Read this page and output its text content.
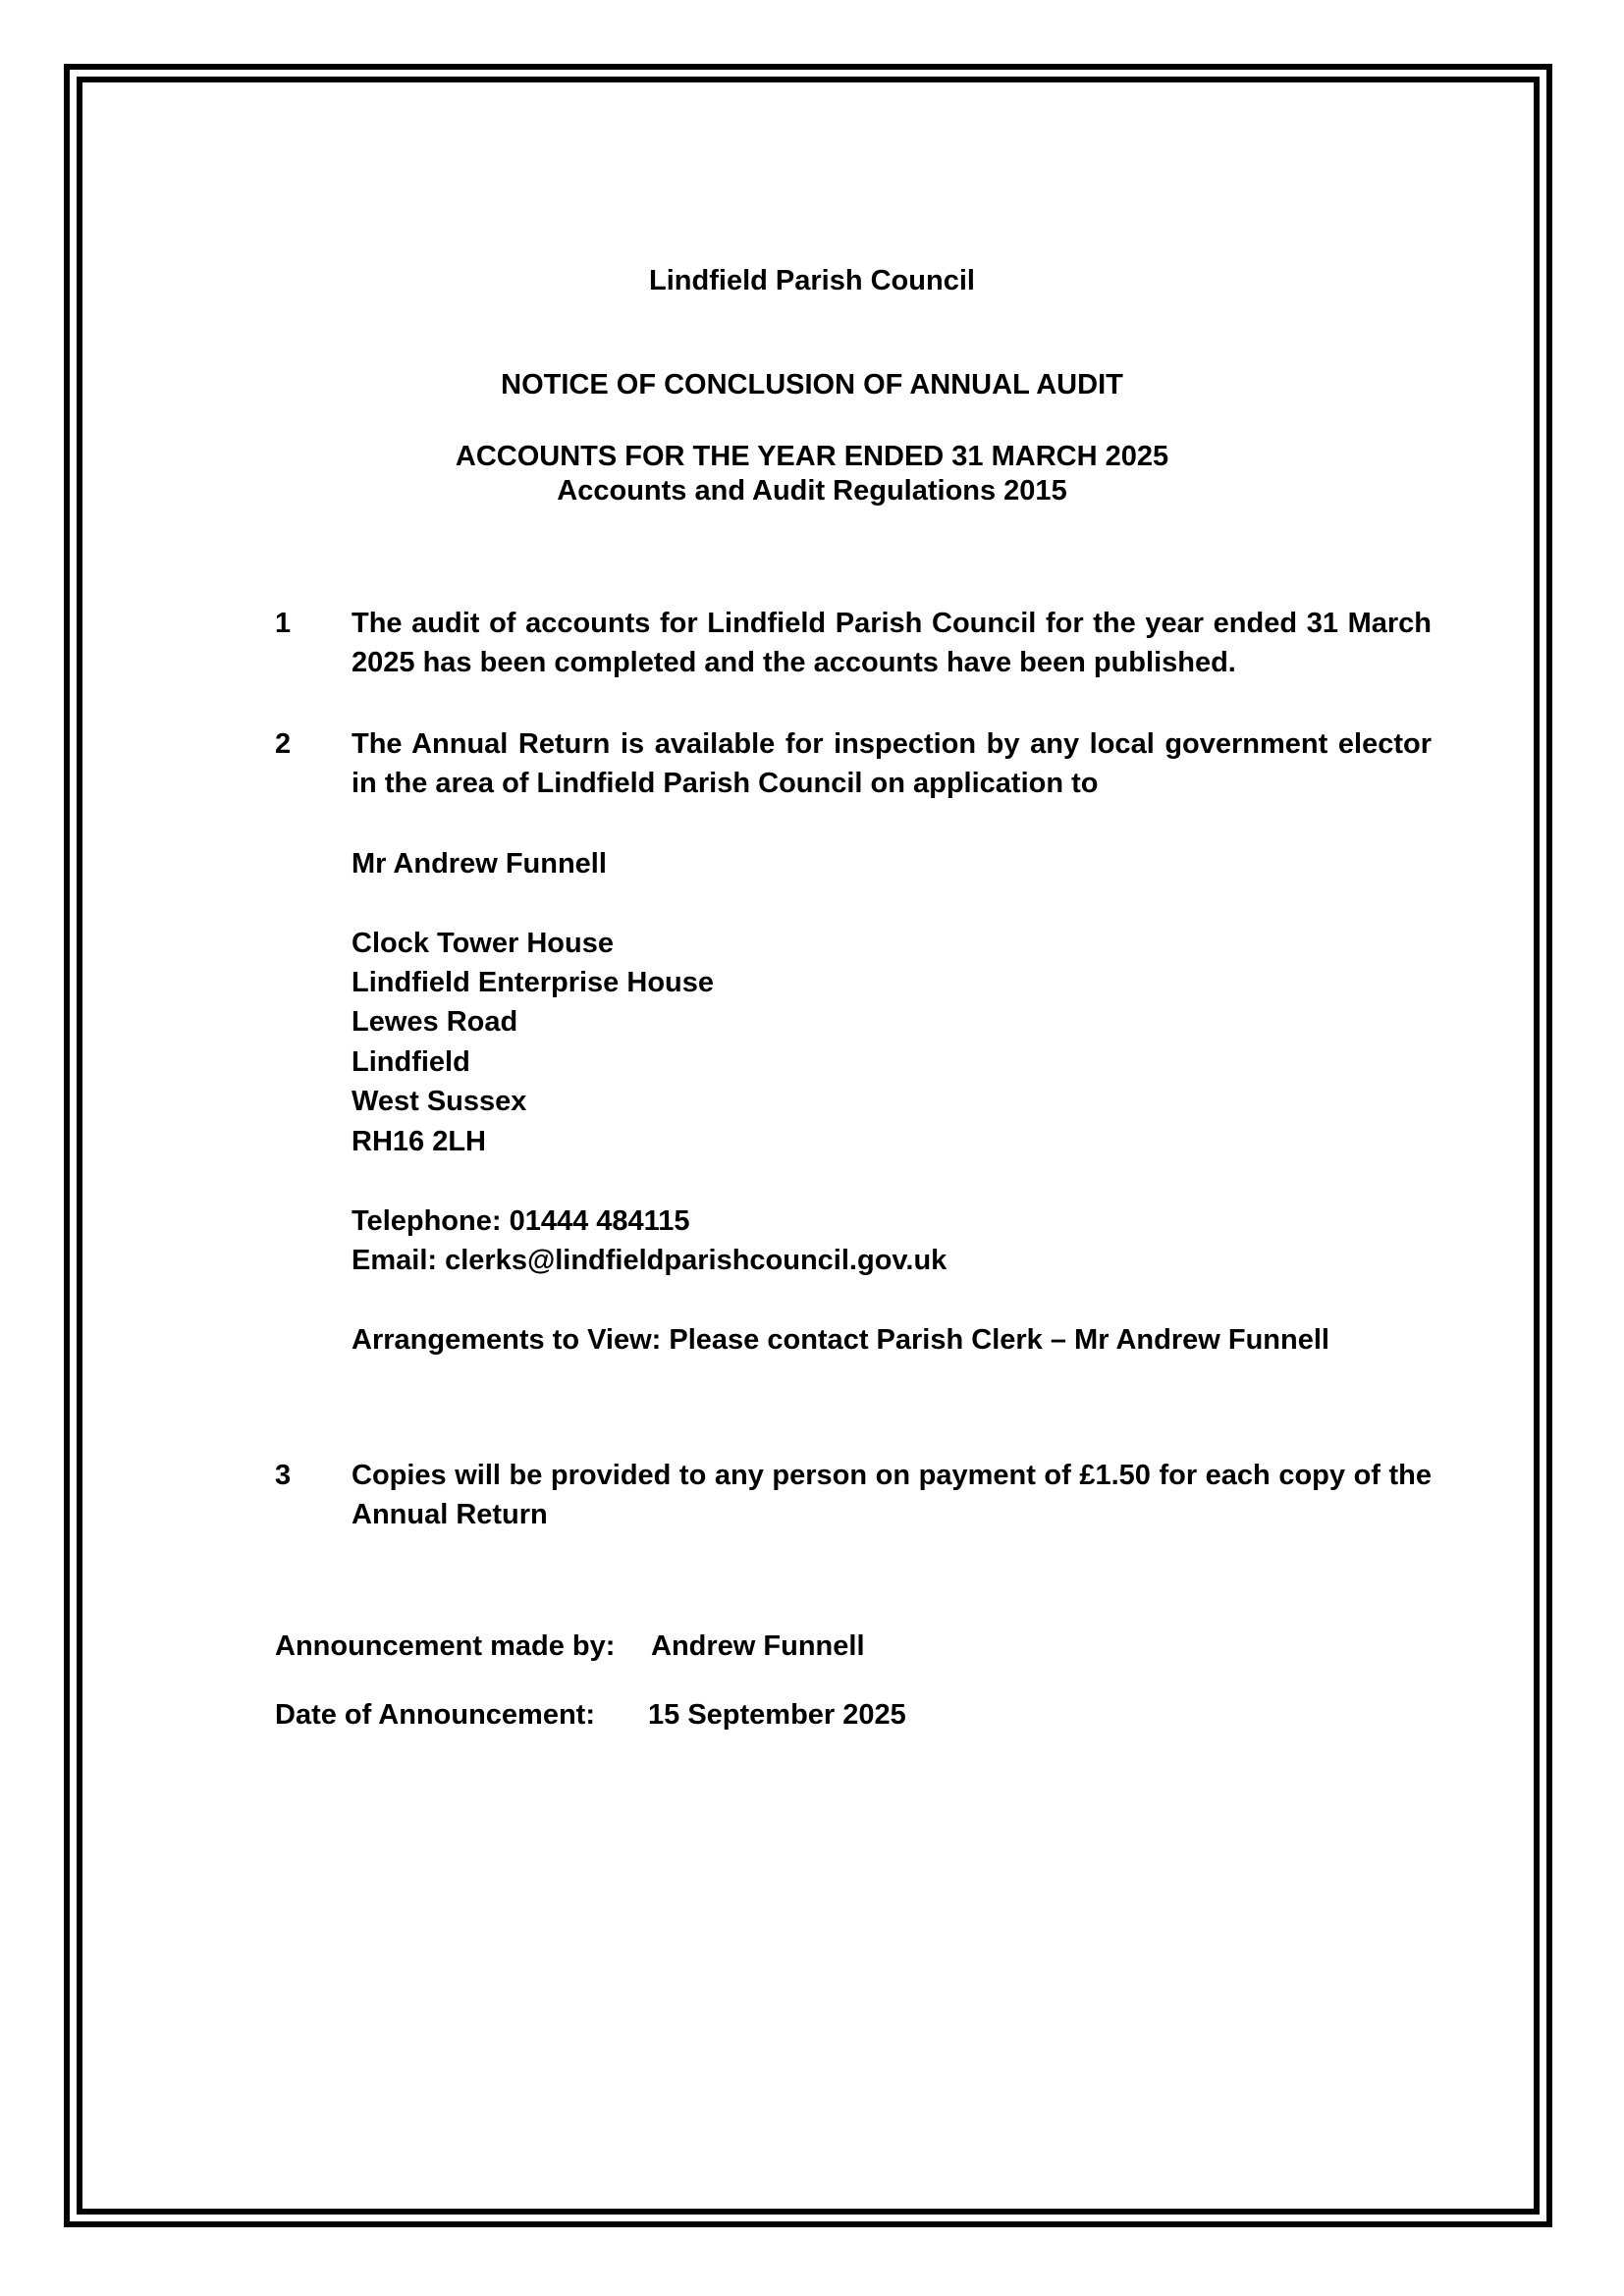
Lindfield Parish Council
NOTICE OF CONCLUSION OF ANNUAL AUDIT
ACCOUNTS FOR THE YEAR ENDED 31 MARCH 2025
Accounts and Audit Regulations 2015
1 The audit of accounts for Lindfield Parish Council for the year ended 31 March 2025 has been completed and the accounts have been published.
2 The Annual Return is available for inspection by any local government elector in the area of Lindfield Parish Council on application to
Mr Andrew Funnell
Clock Tower House
Lindfield Enterprise House
Lewes Road
Lindfield
West Sussex
RH16 2LH
Telephone: 01444 484115
Email: clerks@lindfieldparishcouncil.gov.uk
Arrangements to View: Please contact Parish Clerk – Mr Andrew Funnell
3 Copies will be provided to any person on payment of £1.50 for each copy of the Annual Return
Announcement made by: Andrew Funnell
Date of Announcement: 15 September 2025
